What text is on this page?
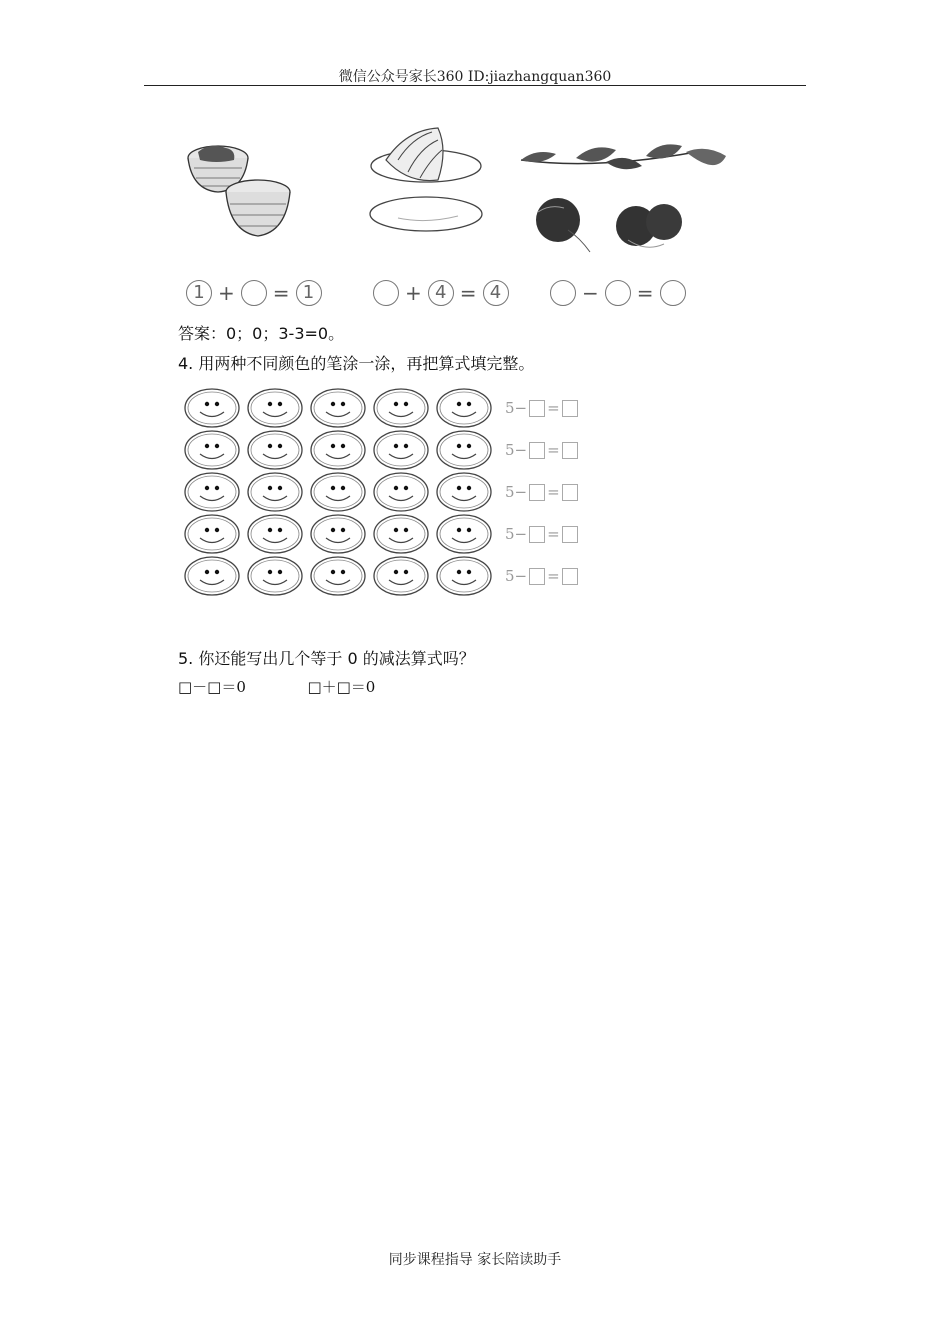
微信公众号家长360 ID:jiazhangquan360
1 + = 1	+ 4 = 4	− =
答案：0；0；3-3=0。
4. 用两种不同颜色的笔涂一涂，再把算式填完整。
5 − =
5 − =
5 − =
5 − =
5 − =
5. 你还能写出几个等于 0 的减法算式吗？
□－□＝0	□＋□＝0
同步课程指导 家长陪读助手
